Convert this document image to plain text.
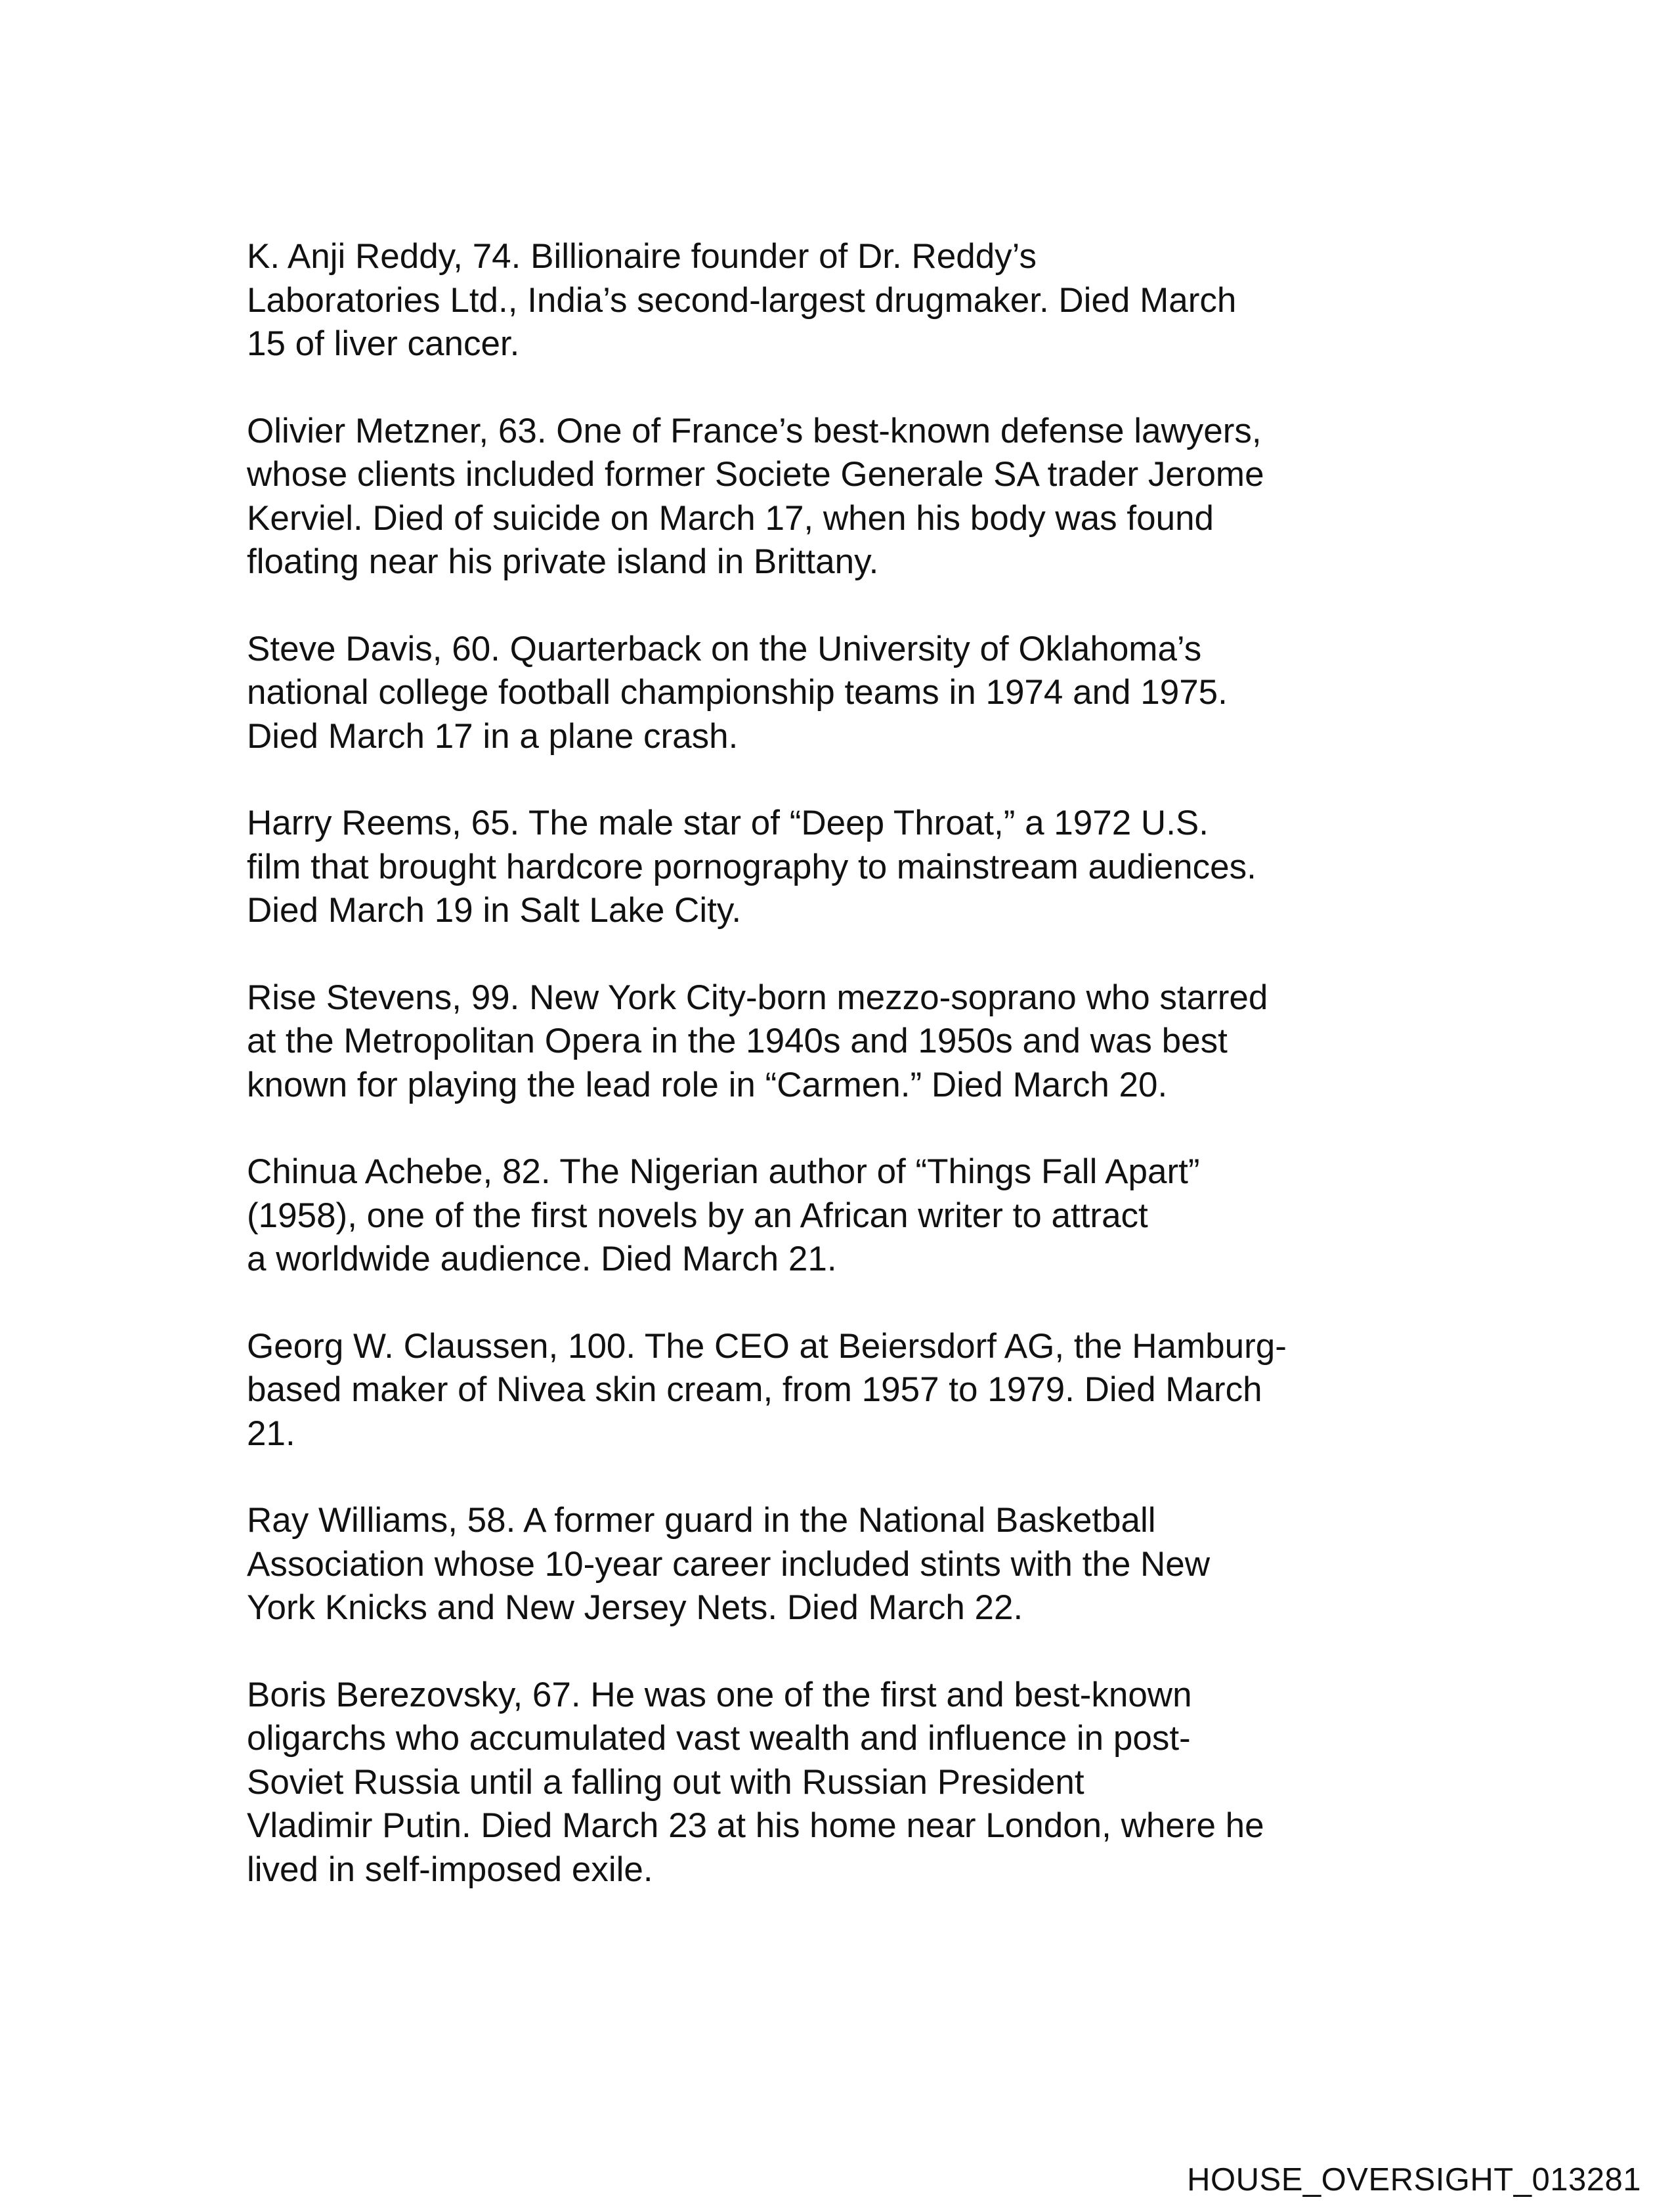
K. Anji Reddy, 74. Billionaire founder of Dr. Reddy’s
Laboratories Ltd., India’s second-largest drugmaker. Died March
15 of liver cancer.
Olivier Metzner, 63. One of France’s best-known defense lawyers,
whose clients included former Societe Generale SA trader Jerome
Kerviel. Died of suicide on March 17, when his body was found
floating near his private island in Brittany.
Steve Davis, 60. Quarterback on the University of Oklahoma’s
national college football championship teams in 1974 and 1975.
Died March 17 in a plane crash.
Harry Reems, 65. The male star of “Deep Throat,” a 1972 U.S.
film that brought hardcore pornography to mainstream audiences.
Died March 19 in Salt Lake City.
Rise Stevens, 99. New York City-born mezzo-soprano who starred
at the Metropolitan Opera in the 1940s and 1950s and was best
known for playing the lead role in “Carmen.” Died March 20.
Chinua Achebe, 82. The Nigerian author of “Things Fall Apart”
(1958), one of the first novels by an African writer to attract
a worldwide audience. Died March 21.
Georg W. Claussen, 100. The CEO at Beiersdorf AG, the Hamburg-
based maker of Nivea skin cream, from 1957 to 1979. Died March
21.
Ray Williams, 58. A former guard in the National Basketball
Association whose 10-year career included stints with the New
York Knicks and New Jersey Nets. Died March 22.
Boris Berezovsky, 67. He was one of the first and best-known
oligarchs who accumulated vast wealth and influence in post-
Soviet Russia until a falling out with Russian President
Vladimir Putin. Died March 23 at his home near London, where he
lived in self-imposed exile.
HOUSE_OVERSIGHT_013281
